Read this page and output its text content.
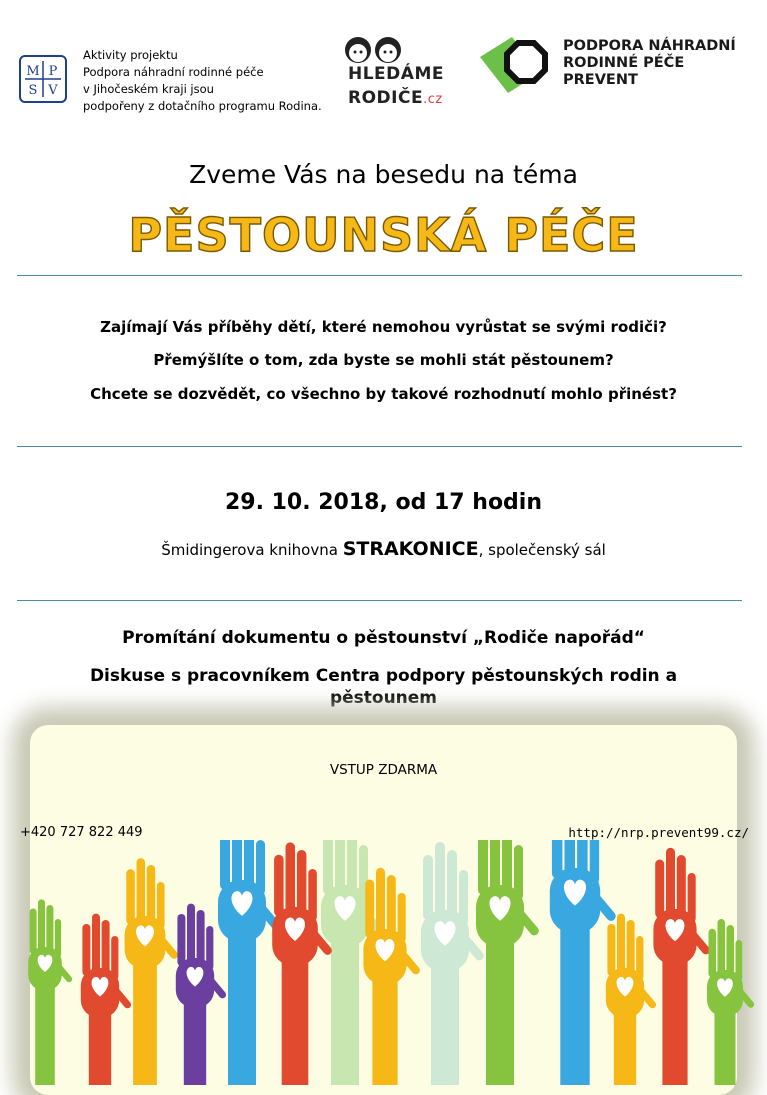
M P
S V
Aktivity projektu
Podpora náhradní rodinné péče
v Jihočeském kraji jsou
podpořeny z dotačního programu Rodina.
HLEDÁME
RODIČE.cz
PODPORA NÁHRADNÍ
RODINNÉ PÉČE
PREVENT
Zveme Vás na besedu na téma
PĚSTOUNSKÁ PÉČE
Zajímají Vás příběhy dětí, které nemohou vyrůstat se svými rodiči?
Přemýšlíte o tom, zda byste se mohli stát pěstounem?
Chcete se dozvědět, co všechno by takové rozhodnutí mohlo přinést?
29. 10. 2018, od 17 hodin
Šmidingerova knihovna STRAKONICE, společenský sál
Promítání dokumentu o pěstounství „Rodiče napořád“
Diskuse s pracovníkem Centra podpory pěstounských rodin a pěstounem
VSTUP ZDARMA
+420 727 822 449	http://nrp.prevent99.cz/
